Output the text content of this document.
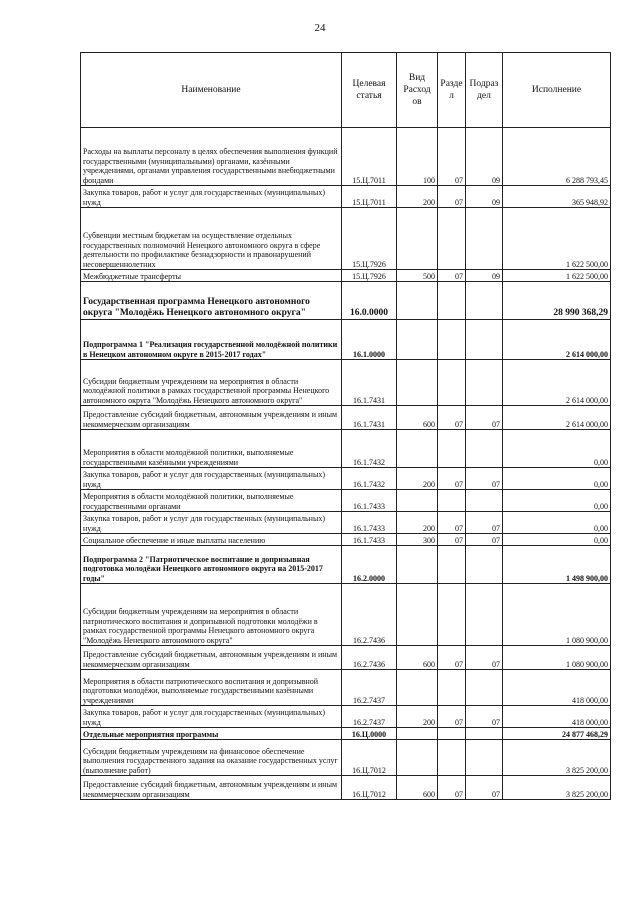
24
Наименование	Целевая статья	Вид Расход ов	Разде л	Подраз дел	Исполнение
Расходы на выплаты персоналу в целях обеспечения выполнения функций государственными (муниципальными) органами, казёнными учреждениями, органами управления государственными внебюджетными фондами	15.Ц.7011	100	07	09	6 288 793,45
Закупка товаров, работ и услуг для государственных (муниципальных) нужд	15.Ц.7011	200	07	09	365 948,92
Субвенции местным бюджетам на осуществление отдельных государственных полномочий Ненецкого автономного округа в сфере деятельности по профилактике безнадзорности и правонарушений несовершеннолетних	15.Ц.7926				1 622 500,00
Межбюджетные трансферты	15.Ц.7926	500	07	09	1 622 500,00
Государственная программа Ненецкого автономного округа "Молодёжь Ненецкого автономного округа"	16.0.0000				28 990 368,29
Подпрограмма 1 "Реализация государственной молодёжной политики в Ненецком автономном округе в 2015-2017 годах"	16.1.0000				2 614 000,00
Субсидии бюджетным учреждениям на мероприятия в области молодёжной политики в рамках государственной программы Ненецкого автономного округа "Молодёжь Ненецкого автономного округа"	16.1.7431				2 614 000,00
Предоставление субсидий бюджетным, автономным учреждениям и иным некоммерческим организациям	16.1.7431	600	07	07	2 614 000,00
Мероприятия в области молодёжной политики, выполняемые государственными казёнными учреждениями	16.1.7432				0,00
Закупка товаров, работ и услуг для государственных (муниципальных) нужд	16.1.7432	200	07	07	0,00
Мероприятия в области молодёжной политики, выполняемые государственными органами	16.1.7433				0,00
Закупка товаров, работ и услуг для государственных (муниципальных) нужд	16.1.7433	200	07	07	0,00
Социальное обеспечение и иные выплаты населению	16.1.7433	300	07	07	0,00
Подпрограмма 2 "Патриотическое воспитание и допризывная подготовка молодёжи Ненецкого автономного округа на 2015-2017 годы"	16.2.0000				1 498 900,00
Субсидии бюджетным учреждениям на мероприятия в области патриотического воспитания и допризывной подготовки молодёжи в рамках государственной программы Ненецкого автономного округа "Молодёжь Ненецкого автономного округа"	16.2.7436				1 080 900,00
Предоставление субсидий бюджетным, автономным учреждениям и иным некоммерческим организациям	16.2.7436	600	07	07	1 080 900,00
Мероприятия в области патриотического воспитания и допризывной подготовки молодёжи, выполняемые государственными казёнными учреждениями	16.2.7437				418 000,00
Закупка товаров, работ и услуг для государственных (муниципальных) нужд	16.2.7437	200	07	07	418 000,00
Отдельные мероприятия программы	16.Ц.0000				24 877 468,29
Субсидии бюджетным учреждениям на финансовое обеспечение выполнения государственного задания на оказание государственных услуг (выполнение работ)	16.Ц.7012				3 825 200,00
Предоставление субсидий бюджетным, автономным учреждениям и иным некоммерческим организациям	16.Ц.7012	600	07	07	3 825 200,00
